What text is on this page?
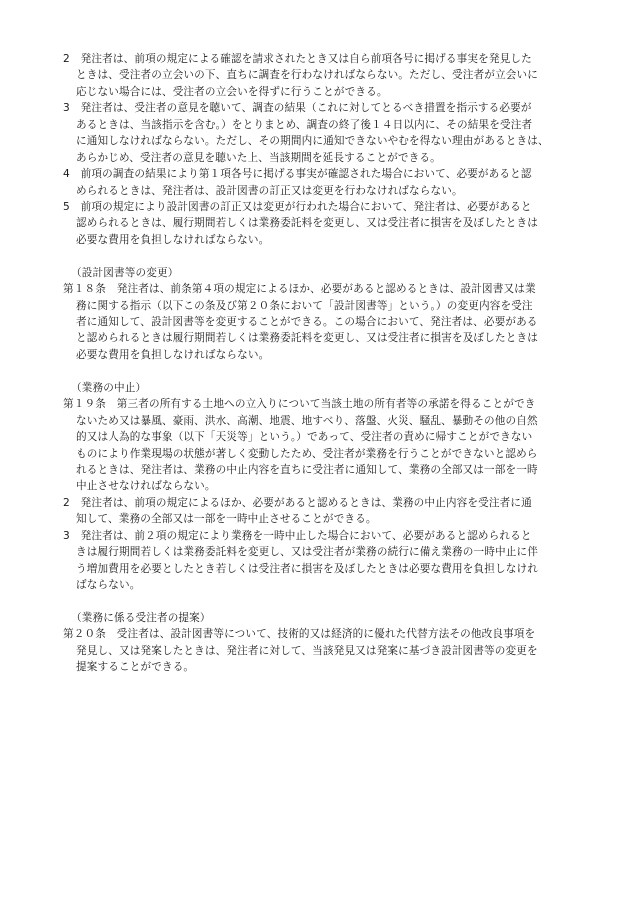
2　発注者は、前項の規定による確認を請求されたとき又は自ら前項各号に掲げる事実を発見した
ときは、受注者の立会いの下、直ちに調査を行わなければならない。ただし、受注者が立会いに
応じない場合には、受注者の立会いを得ずに行うことができる。
3　発注者は、受注者の意見を聴いて、調査の結果（これに対してとるべき措置を指示する必要が
あるときは、当該指示を含む。）をとりまとめ、調査の終了後１４日以内に、その結果を受注者
に通知しなければならない。ただし、その期間内に通知できないやむを得ない理由があるときは、
あらかじめ、受注者の意見を聴いた上、当該期間を延長することができる。
4　前項の調査の結果により第１項各号に掲げる事実が確認された場合において、必要があると認
められるときは、発注者は、設計図書の訂正又は変更を行わなければならない。
5　前項の規定により設計図書の訂正又は変更が行われた場合において、発注者は、必要があると
認められるときは、履行期間若しくは業務委託料を変更し、又は受注者に損害を及ぼしたときは
必要な費用を負担しなければならない。
（設計図書等の変更）
第１８条　発注者は、前条第４項の規定によるほか、必要があると認めるときは、設計図書又は業
務に関する指示（以下この条及び第２０条において「設計図書等」という。）の変更内容を受注
者に通知して、設計図書等を変更することができる。この場合において、発注者は、必要がある
と認められるときは履行期間若しくは業務委託料を変更し、又は受注者に損害を及ぼしたときは
必要な費用を負担しなければならない。
（業務の中止）
第１９条　第三者の所有する土地への立入りについて当該土地の所有者等の承諾を得ることができ
ないため又は暴風、豪雨、洪水、高潮、地震、地すべり、落盤、火災、騒乱、暴動その他の自然
的又は人為的な事象（以下「天災等」という。）であって、受注者の責めに帰すことができない
ものにより作業現場の状態が著しく変動したため、受注者が業務を行うことができないと認めら
れるときは、発注者は、業務の中止内容を直ちに受注者に通知して、業務の全部又は一部を一時
中止させなければならない。
2　発注者は、前項の規定によるほか、必要があると認めるときは、業務の中止内容を受注者に通
知して、業務の全部又は一部を一時中止させることができる。
3　発注者は、前２項の規定により業務を一時中止した場合において、必要があると認められると
きは履行期間若しくは業務委託料を変更し、又は受注者が業務の続行に備え業務の一時中止に伴
う増加費用を必要としたとき若しくは受注者に損害を及ぼしたときは必要な費用を負担しなけれ
ばならない。
（業務に係る受注者の提案）
第２０条　受注者は、設計図書等について、技術的又は経済的に優れた代替方法その他改良事項を
発見し、又は発案したときは、発注者に対して、当該発見又は発案に基づき設計図書等の変更を
提案することができる。
